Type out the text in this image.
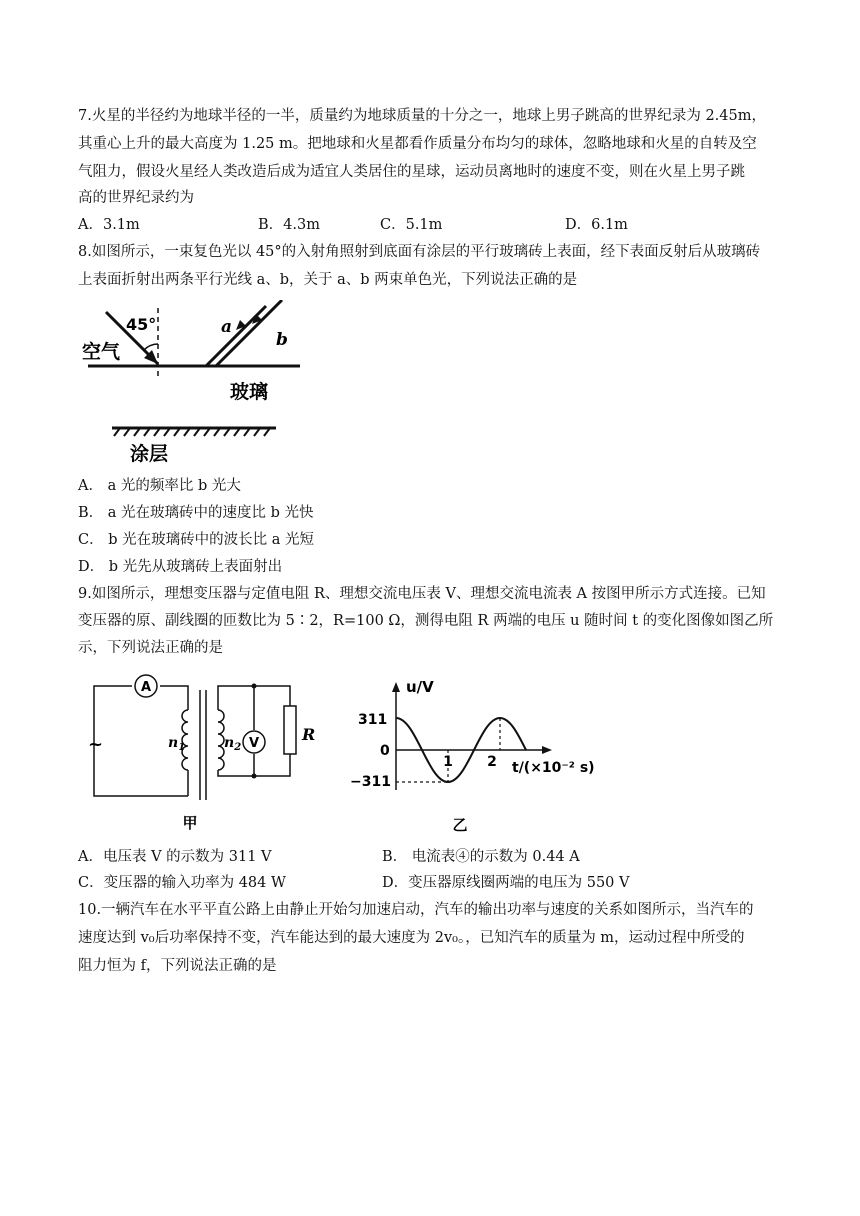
7.火星的半径约为地球半径的一半，质量约为地球质量的十分之一，地球上男子跳高的世界纪录为 2.45m，
其重心上升的最大高度为 1.25 m。把地球和火星都看作质量分布均匀的球体，忽略地球和火星的自转及空
气阻力，假设火星经人类改造后成为适宜人类居住的星球，运动员离地时的速度不变，则在火星上男子跳
高的世界纪录约为
A．3.1m	B．4.3m	C．5.1m	D．6.1m
8.如图所示，一束复色光以 45°的入射角照射到底面有涂层的平行玻璃砖上表面，经下表面反射后从玻璃砖
上表面折射出两条平行光线 a、b，关于 a、b 两束单色光，下列说法正确的是
45°	a
b
空气
玻璃
涂层
A． a 光的频率比 b 光大
B． a 光在玻璃砖中的速度比 b 光快
C． b 光在玻璃砖中的波长比 a 光短
D． b 光先从玻璃砖上表面射出
9.如图所示，理想变压器与定值电阻 R、理想交流电压表 V、理想交流电流表 A 按图甲所示方式连接。已知
变压器的原、副线圈的匝数比为 5∶2，R=100 Ω，测得电阻 R 两端的电压 u 随时间 t 的变化图像如图乙所
示，下列说法正确的是
A
~	$n_1$	$n_2$ V	R
甲
u/V
t/(×10⁻² s)
311
0
−311
1 2
乙
A．电压表 V 的示数为 311 V	B． 电流表④的示数为 0.44 A
C．变压器的输入功率为 484 W	D．变压器原线圈两端的电压为 550 V
10.一辆汽车在水平平直公路上由静止开始匀加速启动，汽车的输出功率与速度的关系如图所示，当汽车的
速度达到 v₀后功率保持不变，汽车能达到的最大速度为 2v₀。，已知汽车的质量为 m，运动过程中所受的
阻力恒为 f，下列说法正确的是
